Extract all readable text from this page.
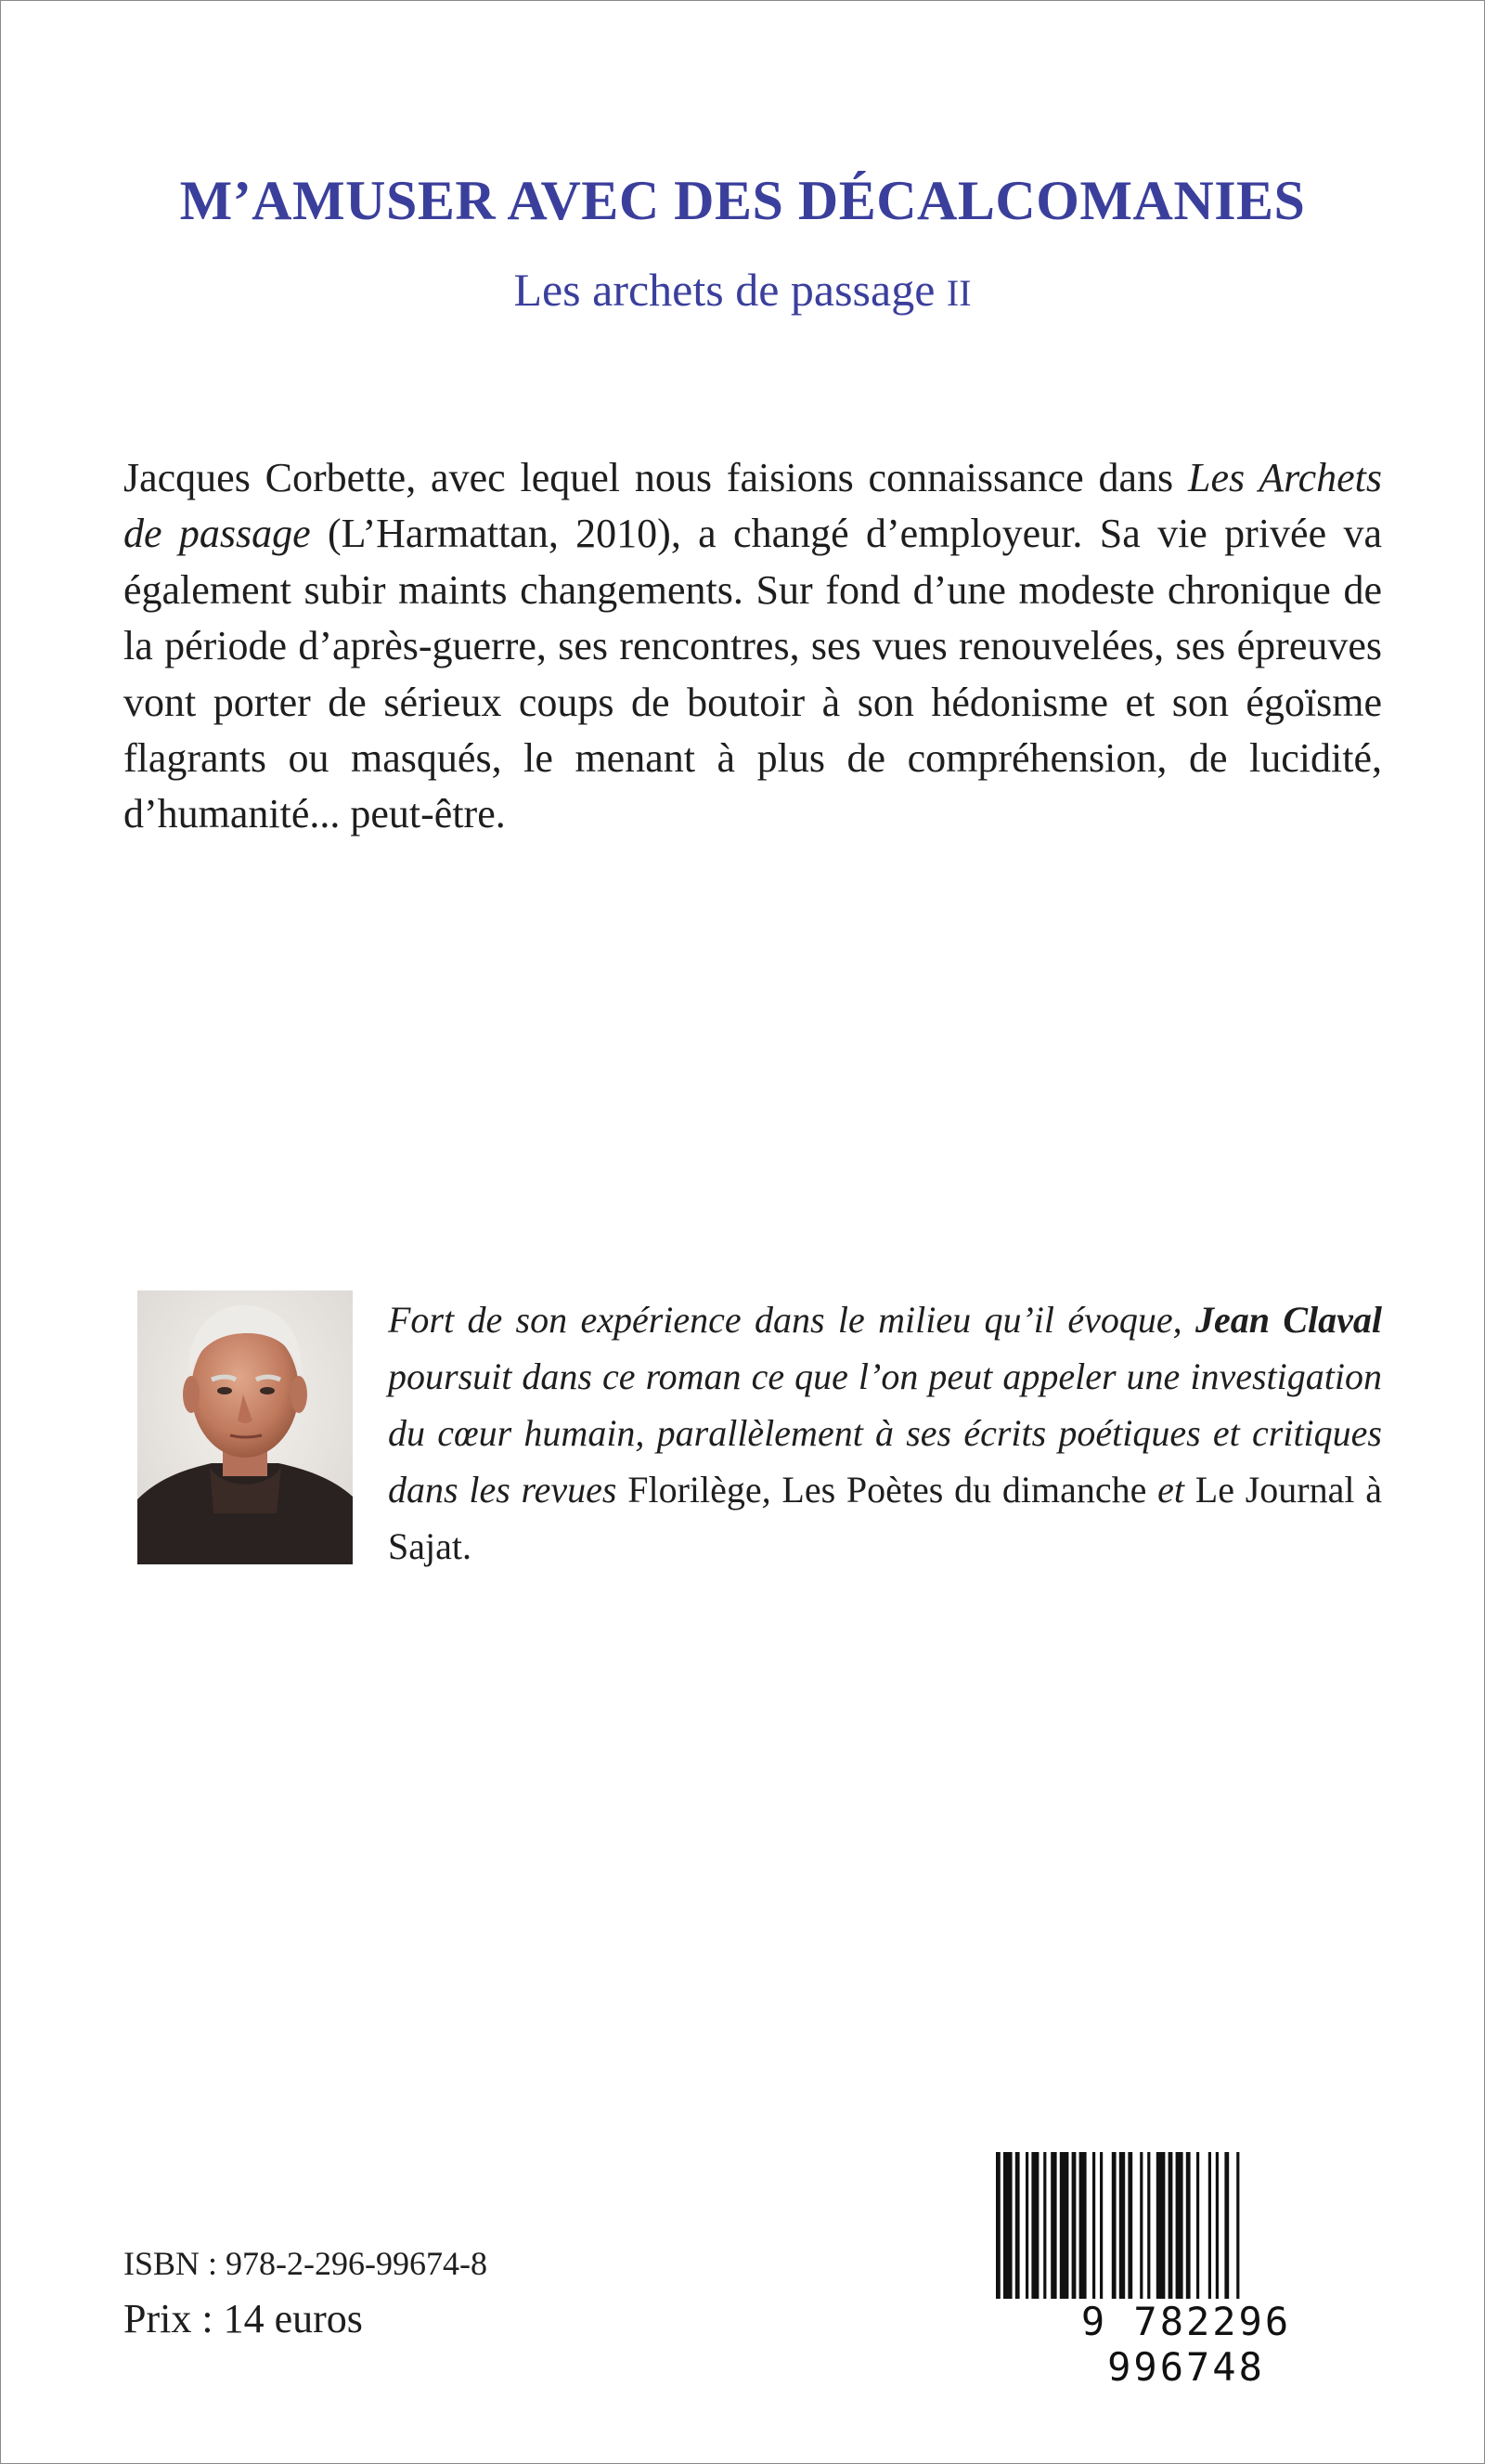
M’AMUSER AVEC DES DÉCALCOMANIES
Les archets de passage II

Jacques Corbette, avec lequel nous faisions connaissance dans Les Archets de passage (L’Harmattan, 2010), a changé d’employeur. Sa vie privée va également subir maints changements. Sur fond d’une modeste chronique de la période d’après-guerre, ses rencontres, ses vues renouvelées, ses épreuves vont porter de sérieux coups de boutoir à son hédonisme et son égoïsme flagrants ou masqués, le menant à plus de compréhension, de lucidité, d’humanité... peut-être.

Fort de son expérience dans le milieu qu’il évoque, Jean Claval poursuit dans ce roman ce que l’on peut appeler une investigation du cœur humain, parallèlement à ses écrits poétiques et critiques dans les revues Florilège, Les Poètes du dimanche et Le Journal à Sajat.

ISBN : 978-2-296-99674-8
Prix : 14 euros	9 782296 996748
